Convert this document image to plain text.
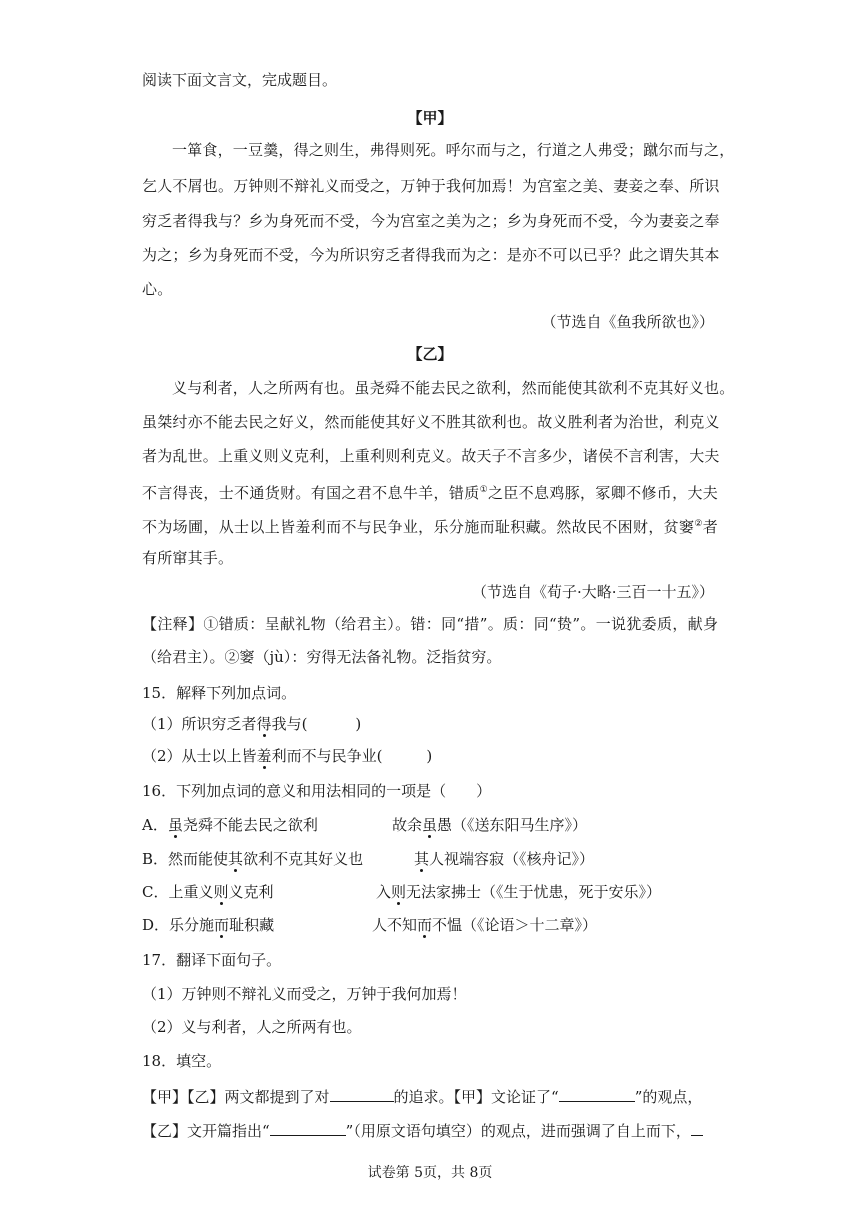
阅读下面文言文，完成题目。
【甲】
一箪食，一豆羹，得之则生，弗得则死。呼尔而与之，行道之人弗受；蹴尔而与之，
乞人不屑也。万钟则不辩礼义而受之，万钟于我何加焉！为宫室之美、妻妾之奉、所识
穷乏者得我与？乡为身死而不受，今为宫室之美为之；乡为身死而不受，今为妻妾之奉
为之；乡为身死而不受，今为所识穷乏者得我而为之：是亦不可以已乎？此之谓失其本
心。
（节选自《鱼我所欲也》）
【乙】
义与利者，人之所两有也。虽尧舜不能去民之欲利，然而能使其欲利不克其好义也。
虽桀纣亦不能去民之好义，然而能使其好义不胜其欲利也。故义胜利者为治世，利克义
者为乱世。上重义则义克利，上重利则利克义。故天子不言多少，诸侯不言利害，大夫
不言得丧，士不通货财。有国之君不息牛羊，错质①之臣不息鸡豚，冢卿不修币，大夫
不为场圃，从士以上皆羞利而不与民争业，乐分施而耻积藏。然故民不困财，贫窭②者
有所窜其手。
（节选自《荀子·大略·三百一十五》）
【注释】①错质：呈献礼物（给君主）。错：同“措”。质：同“贽”。一说犹委质，献身
（给君主）。②窭（jù）：穷得无法备礼物。泛指贫穷。
15．解释下列加点词。
（1）所识穷乏者得我与(	)
（2）从士以上皆羞利而不与民争业(	)
16．下列加点词的意义和用法相同的一项是（　　）
A．虽尧舜不能去民之欲利	故余虽愚（《送东阳马生序》）
B．然而能使其欲利不克其好义也	其人视端容寂（《核舟记》）
C．上重义则义克利	入则无法家拂士（《生于忧患，死于安乐》）
D．乐分施而耻积藏	人不知而不愠（《论语＞十二章》）
17．翻译下面句子。
（1）万钟则不辩礼义而受之，万钟于我何加焉！
（2）义与利者，人之所两有也。
18．填空。
【甲】【乙】两文都提到了对	的追求。【甲】文论证了“	”的观点，
【乙】文开篇指出“	”（用原文语句填空）的观点，进而强调了自上而下，
试卷第 5页，共 8页
